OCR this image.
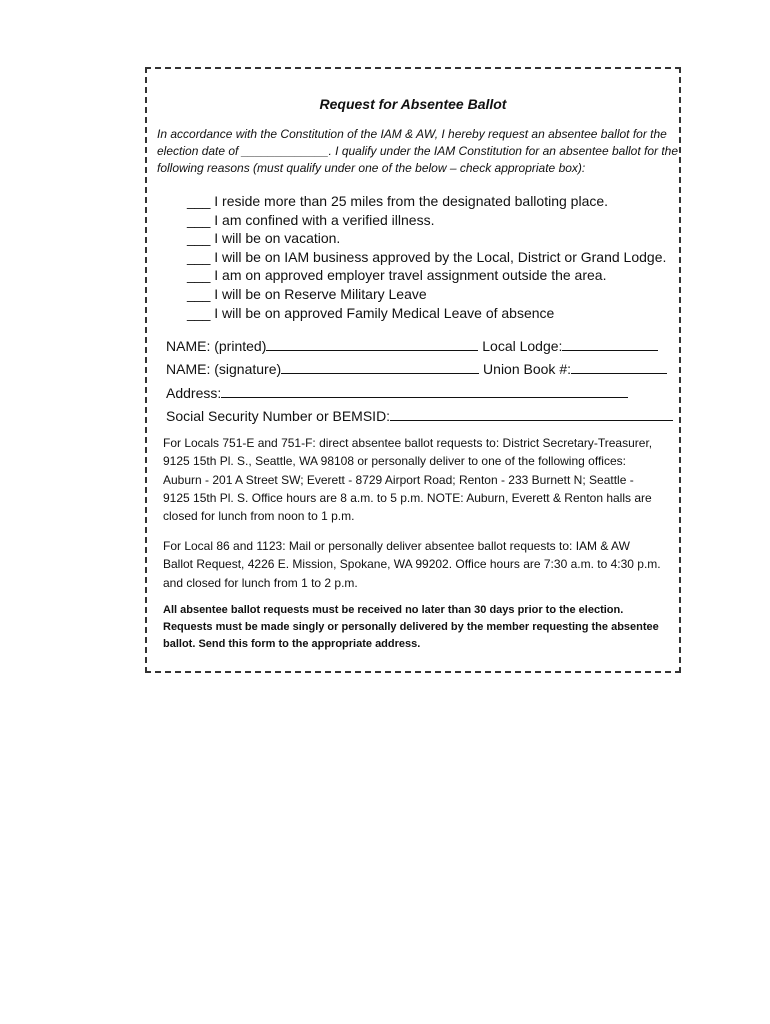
Request for Absentee Ballot
In accordance with the Constitution of the IAM & AW, I hereby request an absentee ballot for the election date of _____________. I qualify under the IAM Constitution for an absentee ballot for the following reasons (must qualify under one of the below – check appropriate box):
___ I reside more than 25 miles from the designated balloting place.
___ I am confined with a verified illness.
___ I will be on vacation.
___ I will be on IAM business approved by the Local, District or Grand Lodge.
___ I am on approved employer travel assignment outside the area.
___ I will be on Reserve Military Leave
___ I will be on approved Family Medical Leave of absence
NAME: (printed)	Local Lodge:
NAME: (signature)	Union Book #:
Address:
Social Security Number or BEMSID:
For Locals 751-E and 751-F: direct absentee ballot requests to: District Secretary-Treasurer, 9125 15th Pl. S., Seattle, WA 98108 or personally deliver to one of the following offices: Auburn - 201 A Street SW; Everett - 8729 Airport Road; Renton - 233 Burnett N; Seattle - 9125 15th Pl. S. Office hours are 8 a.m. to 5 p.m. NOTE: Auburn, Everett & Renton halls are closed for lunch from noon to 1 p.m.
For Local 86 and 1123: Mail or personally deliver absentee ballot requests to: IAM & AW Ballot Request, 4226 E. Mission, Spokane, WA 99202. Office hours are 7:30 a.m. to 4:30 p.m. and closed for lunch from 1 to 2 p.m.
All absentee ballot requests must be received no later than 30 days prior to the election. Requests must be made singly or personally delivered by the member requesting the absentee ballot. Send this form to the appropriate address.
